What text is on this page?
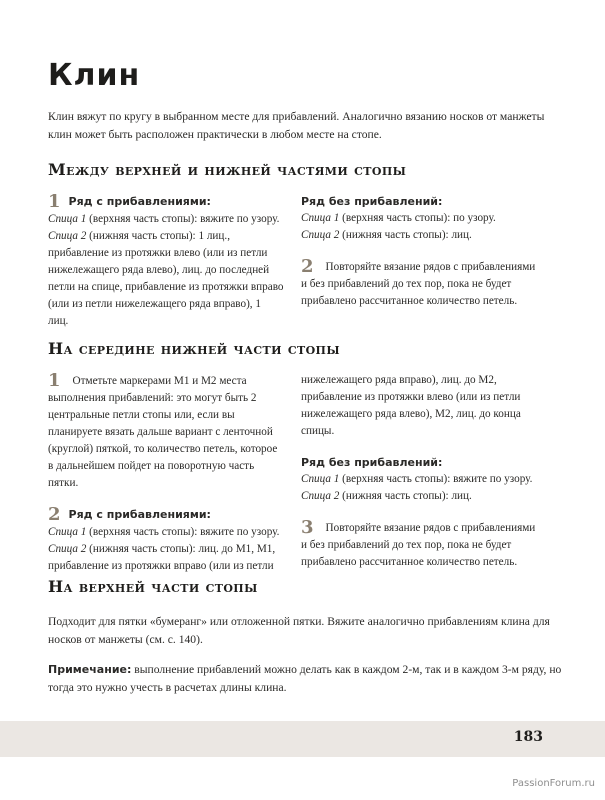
Клин
Клин вяжут по кругу в выбранном месте для прибавлений. Аналогично вязанию носков от манжеты клин может быть расположен практически в любом месте на стопе.
Между верхней и нижней частями стопы

1 Ряд с прибавлениями:

Спица 1 (верхняя часть стопы): вяжите по узору.

Спица 2 (нижняя часть стопы): 1 лиц., прибавление из протяжки влево (или из петли нижележащего ряда влево), лиц. до последней петли на спице, прибавление из протяжки вправо (или из петли нижележащего ряда вправо), 1 лиц.

Ряд без прибавлений:

Спица 1 (верхняя часть стопы): по узору.

Спица 2 (нижняя часть стопы): лиц.

2 Повторяйте вязание рядов с прибавлениями и без прибавлений до тех пор, пока не будет прибавлено рассчитанное количество петель.

На середине нижней части стопы

1 Отметьте маркерами М1 и М2 места выполнения прибавлений: это могут быть 2 центральные петли стопы или, если вы планируете вязать дальше вариант с ленточной (круглой) пяткой, то количество петель, которое в дальнейшем пойдет на поворотную часть пятки.

2 Ряд с прибавлениями:

Спица 1 (верхняя часть стопы): вяжите по узору.

Спица 2 (нижняя часть стопы): лиц. до М1, М1, прибавление из протяжки вправо (или из петли

нижележащего ряда вправо), лиц. до М2, прибавление из протяжки влево (или из петли нижележащего ряда влево), М2, лиц. до конца спицы.

Ряд без прибавлений:

Спица 1 (верхняя часть стопы): вяжите по узору.

Спица 2 (нижняя часть стопы): лиц.

3 Повторяйте вязание рядов с прибавлениями и без прибавлений до тех пор, пока не будет прибавлено рассчитанное количество петель.

На верхней части стопы
Подходит для пятки «бумеранг» или отложенной пятки. Вяжите аналогично прибавлениям клина для носков от манжеты (см. с. 140).
Примечание: выполнение прибавлений можно делать как в каждом 2-м, так и в каждом 3-м ряду, но тогда это нужно учесть в расчетах длины клина.
183
PassionForum.ru
